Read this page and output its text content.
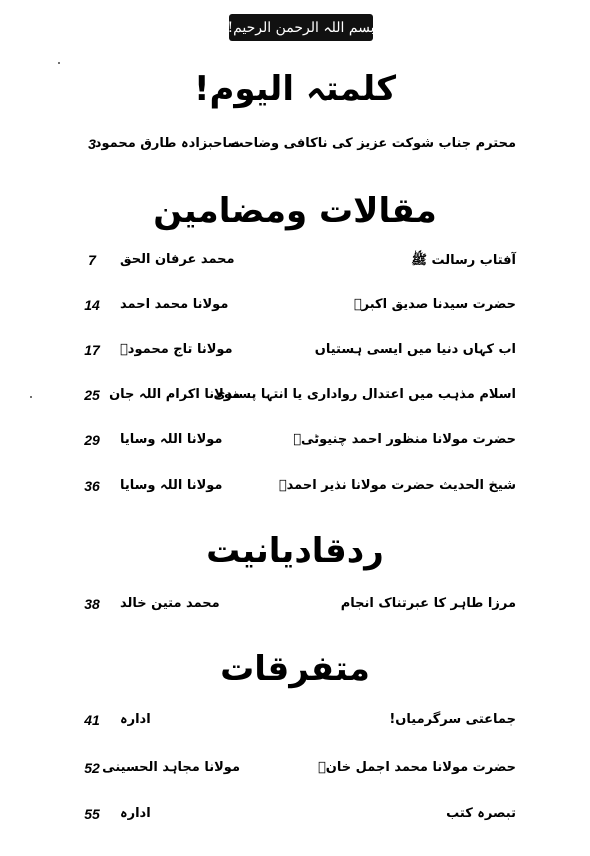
بسم اللہ الرحمن الرحیم!
کلمتہ الیوم!
محترم جناب شوکت عزیز کی ناکافی وضاحت
صاحبزادہ طارق محمود
3
مقالات ومضامین
آفتاب رسالت ﷺ
محمد عرفان الحق
7
حضرت سیدنا صدیق اکبرؓ
مولانا محمد احمد
14
اب کہاں دنیا میں ایسی ہستیاں
مولانا تاج محمودؒ
17
اسلام مذہب میں اعتدال رواداری یا انتہا پسندی
مولانا اکرام اللہ جان
25
حضرت مولانا منظور احمد چنیوٹیؒ
مولانا اللہ وسایا
29
شیخ الحدیث حضرت مولانا نذیر احمدؒ
مولانا اللہ وسایا
36
ردقادیانیت
مرزا طاہر کا عبرتناک انجام
محمد متین خالد
38
متفرقات
جماعتی سرگرمیاں!
ادارہ
41
حضرت مولانا محمد اجمل خانؒ
مولانا مجاہد الحسینی
52
تبصرہ کتب
ادارہ
55
